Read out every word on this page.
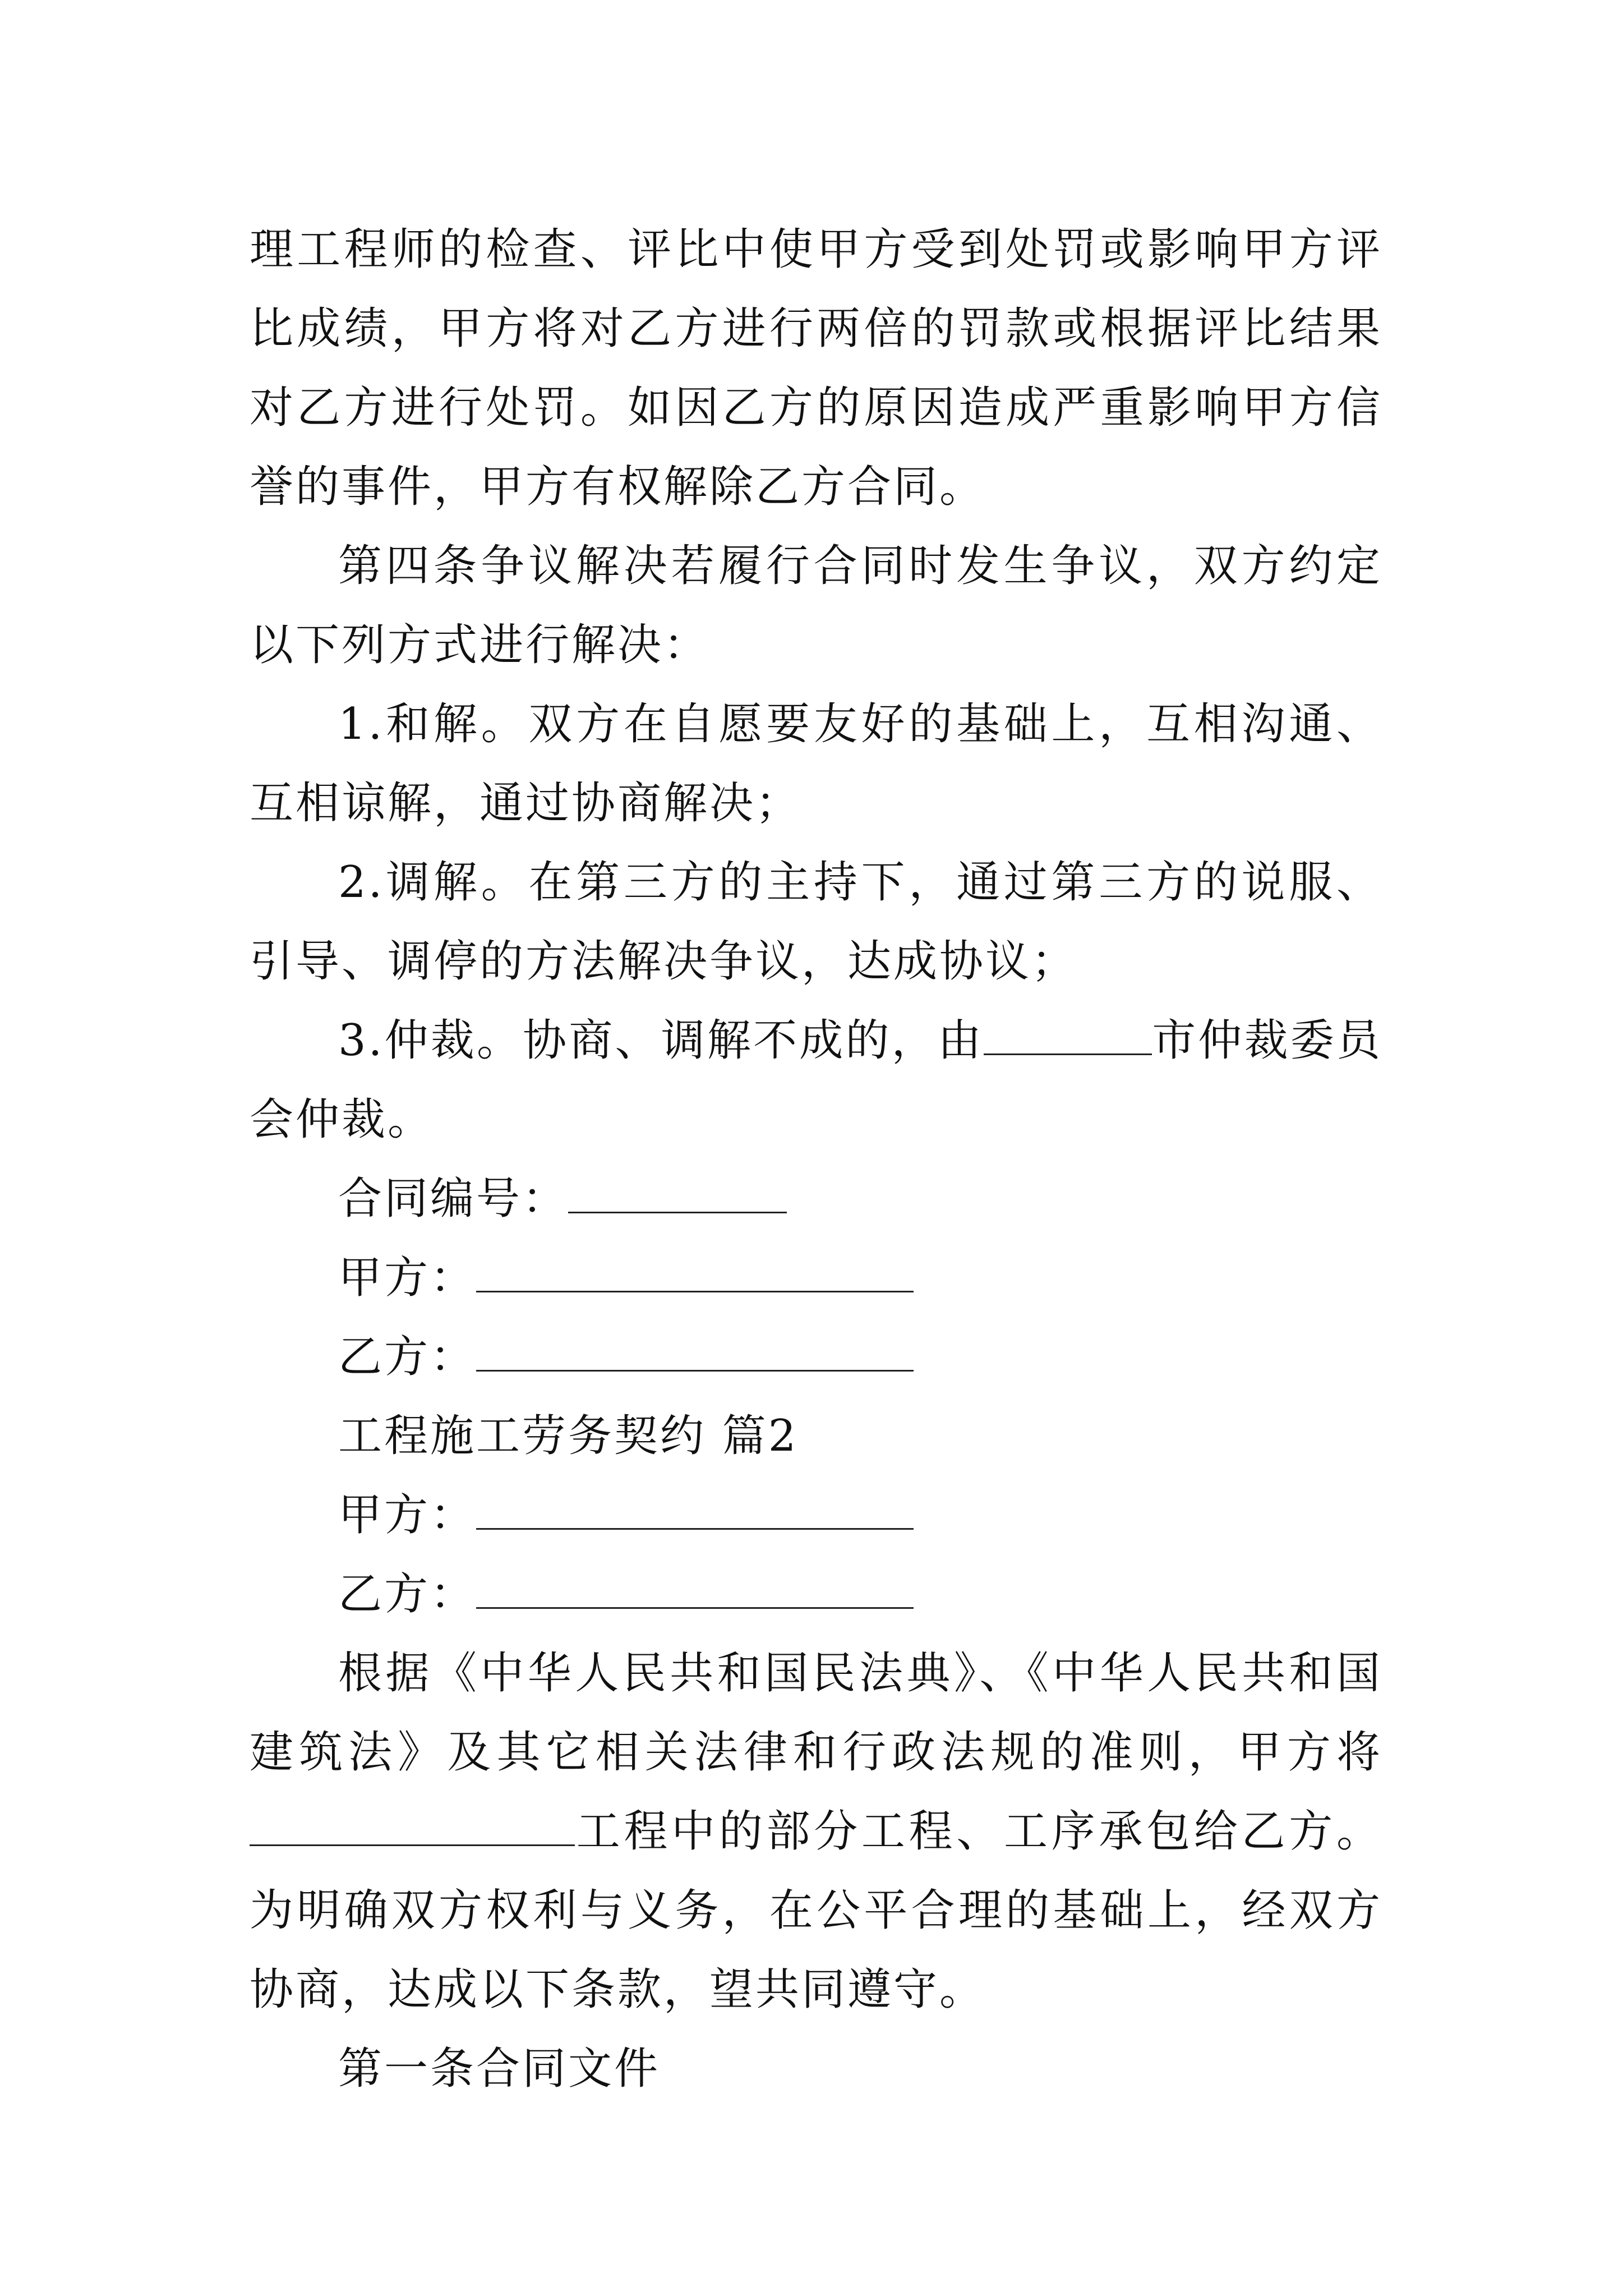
理工程师的检查、评比中使甲方受到处罚或影响甲方评比成绩，甲方将对乙方进行两倍的罚款或根据评比结果对乙方进行处罚。如因乙方的原因造成严重影响甲方信誉的事件，甲方有权解除乙方合同。

第四条争议解决若履行合同时发生争议，双方约定以下列方式进行解决：

1.和解。双方在自愿要友好的基础上，互相沟通、互相谅解，通过协商解决；

2.调解。在第三方的主持下，通过第三方的说服、引导、调停的方法解决争议，达成协议；

3.仲裁。协商、调解不成的，由	市仲裁委员会仲裁。

合同编号：

甲方：

乙方：

工程施工劳务契约 篇2

甲方：

乙方：

根据《中华人民共和国民法典》、《中华人民共和国建筑法》及其它相关法律和行政法规的准则，甲方将工程中的部分工程、工序承包给乙方。为明确双方权利与义务，在公平合理的基础上，经双方协商，达成以下条款，望共同遵守。

第一条合同文件
